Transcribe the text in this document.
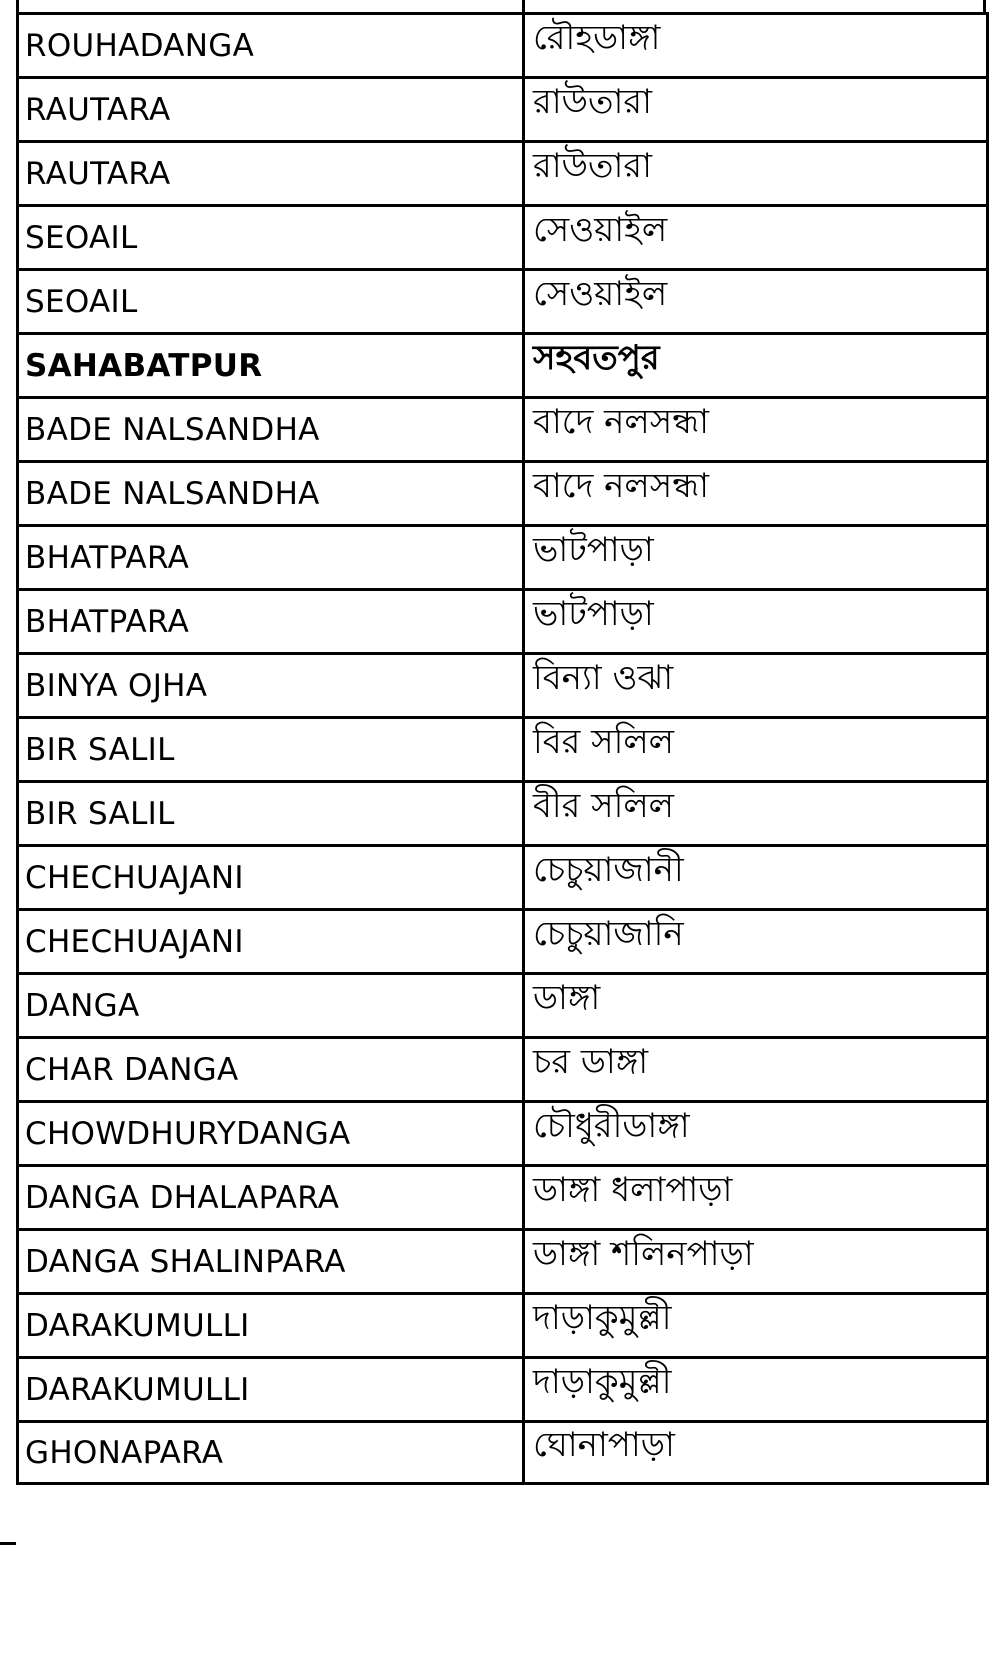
ROUHADANGA	রৌহডাঙ্গা
RAUTARA	রাউতারা
RAUTARA	রাউতারা
SEOAIL	সেওয়াইল
SEOAIL	সেওয়াইল
SAHABATPUR	সহবতপুর
BADE NALSANDHA	বাদে নলসন্ধা
BADE NALSANDHA	বাদে নলসন্ধা
BHATPARA	ভাটপাড়া
BHATPARA	ভাটপাড়া
BINYA OJHA	বিন্যা ওঝা
BIR SALIL	বির সলিল
BIR SALIL	বীর সলিল
CHECHUAJANI	চেচুয়াজানী
CHECHUAJANI	চেচুয়াজানি
DANGA	ডাঙ্গা
CHAR DANGA	চর ডাঙ্গা
CHOWDHURYDANGA	চৌধুরীডাঙ্গা
DANGA DHALAPARA	ডাঙ্গা ধলাপাড়া
DANGA SHALINPARA	ডাঙ্গা শলিনপাড়া
DARAKUMULLI	দাড়াকুমুল্লী
DARAKUMULLI	দাড়াকুমুল্লী
GHONAPARA	ঘোনাপাড়া
